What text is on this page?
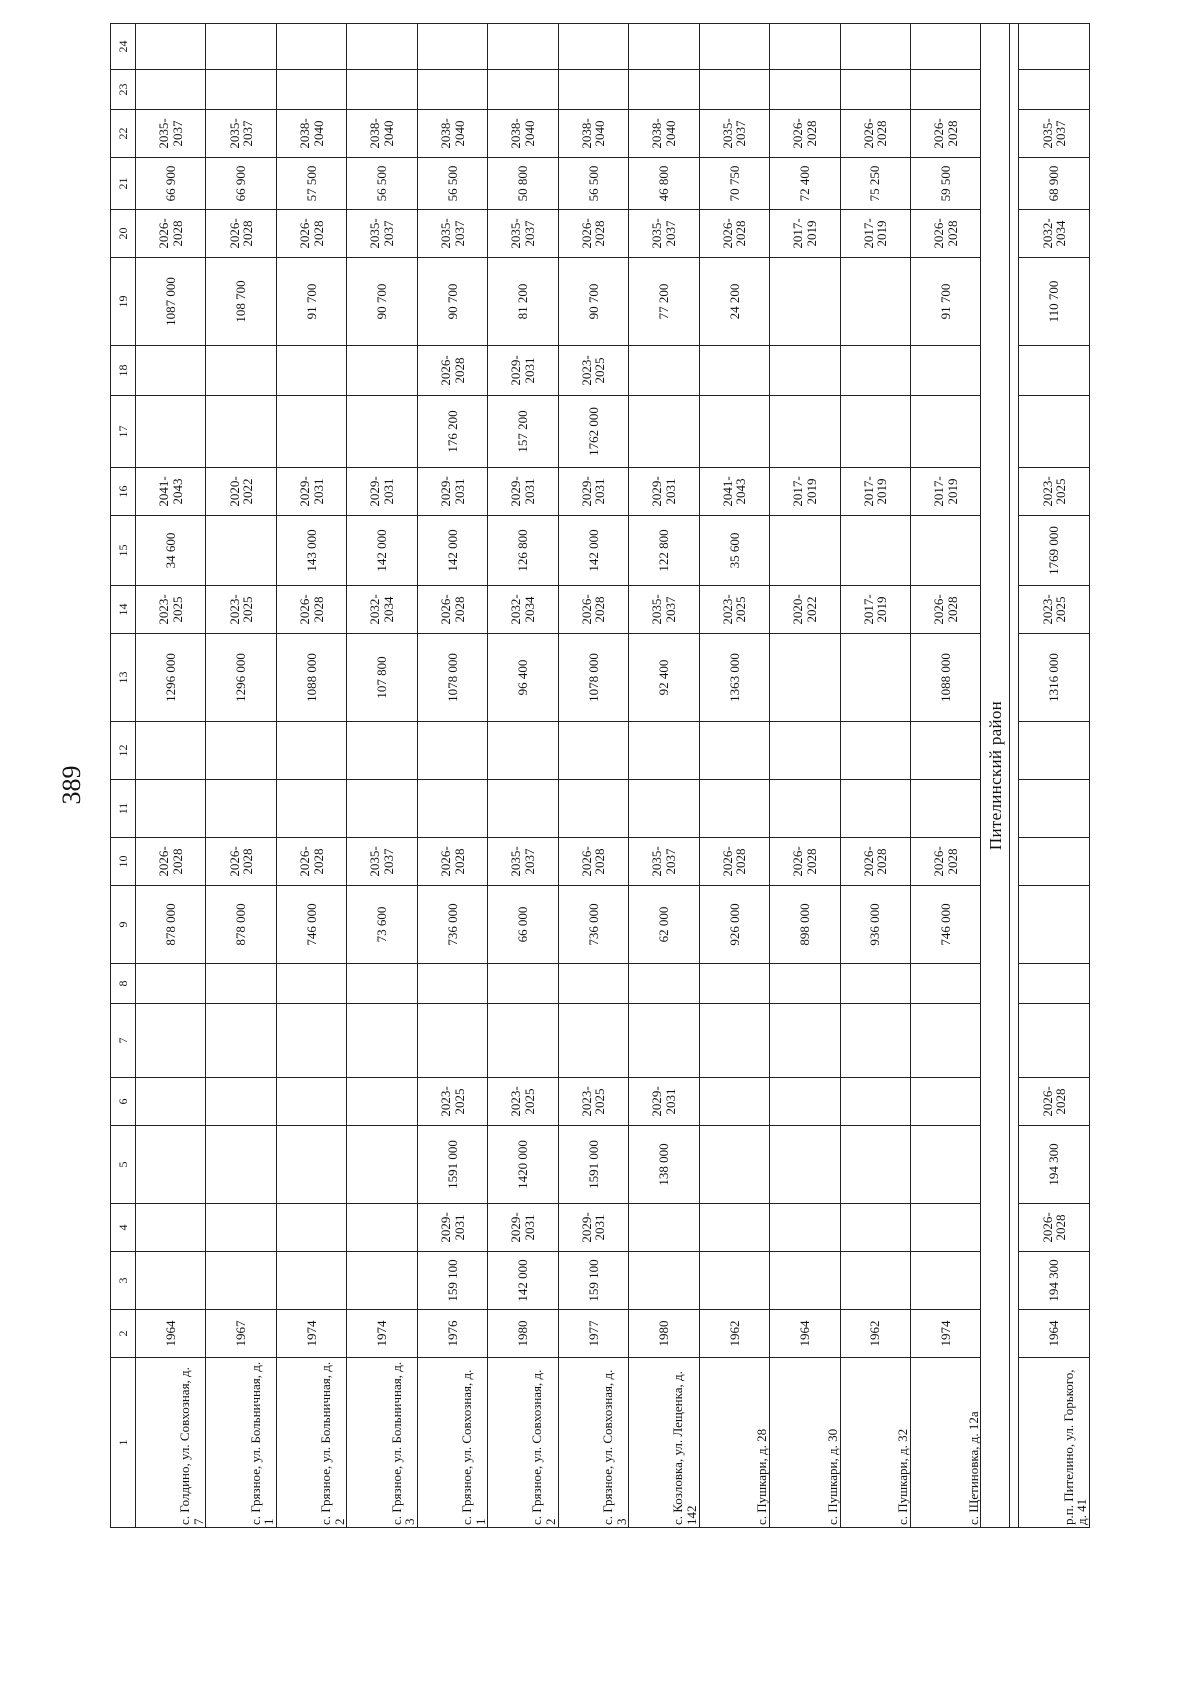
389
1	2	3	4	5	6	7	8	9	10	11	12	13	14	15	16	17	18	19	20	21	22	23	24
с. Голдино, ул. Совхозная, д. 7	1964							878 000	2026-2028			1296 000	2023-2025	34 600	2041-2043			1087 000	2026-2028	66 900	2035-2037		
с. Грязное, ул. Больничная, д. 1	1967							878 000	2026-2028			1296 000	2023-2025		2020-2022			108 700	2026-2028	66 900	2035-2037		
с. Грязное, ул. Больничная, д. 2	1974							746 000	2026-2028			1088 000	2026-2028	143 000	2029-2031			91 700	2026-2028	57 500	2038-2040		
с. Грязное, ул. Больничная, д. 3	1974							73 600	2035-2037			107 800	2032-2034	142 000	2029-2031			90 700	2035-2037	56 500	2038-2040		
с. Грязное, ул. Совхозная, д. 1	1976	159 100	2029-2031	1591 000	2023-2025			736 000	2026-2028			1078 000	2026-2028	142 000	2029-2031	176 200	2026-2028	90 700	2035-2037	56 500	2038-2040		
с. Грязное, ул. Совхозная, д. 2	1980	142 000	2029-2031	1420 000	2023-2025			66 000	2035-2037			96 400	2032-2034	126 800	2029-2031	157 200	2029-2031	81 200	2035-2037	50 800	2038-2040		
с. Грязное, ул. Совхозная, д. 3	1977	159 100	2029-2031	1591 000	2023-2025			736 000	2026-2028			1078 000	2026-2028	142 000	2029-2031	1762 000	2023-2025	90 700	2026-2028	56 500	2038-2040		
с. Козловка, ул. Лещенка, д. 142	1980			138 000	2029-2031			62 000	2035-2037			92 400	2035-2037	122 800	2029-2031			77 200	2035-2037	46 800	2038-2040		
с. Пушкари, д. 28	1962							926 000	2026-2028			1363 000	2023-2025	35 600	2041-2043			24 200	2026-2028	70 750	2035-2037		
с. Пушкари, д. 30	1964							898 000	2026-2028				2020-2022		2017-2019				2017-2019	72 400	2026-2028		
с. Пушкари, д. 32	1962							936 000	2026-2028				2017-2019		2017-2019				2017-2019	75 250	2026-2028		
с. Щетиновка, д. 12а	1974							746 000	2026-2028			1088 000	2026-2028		2017-2019			91 700	2026-2028	59 500	2026-2028		
Пителинский район																							

р.п. Пителино, ул. Горького, д. 41	1964	194 300	2026-2028	194 300	2026-2028							1316 000	2023-2025	1769 000	2023-2025			110 700	2032-2034	68 900	2035-2037		
